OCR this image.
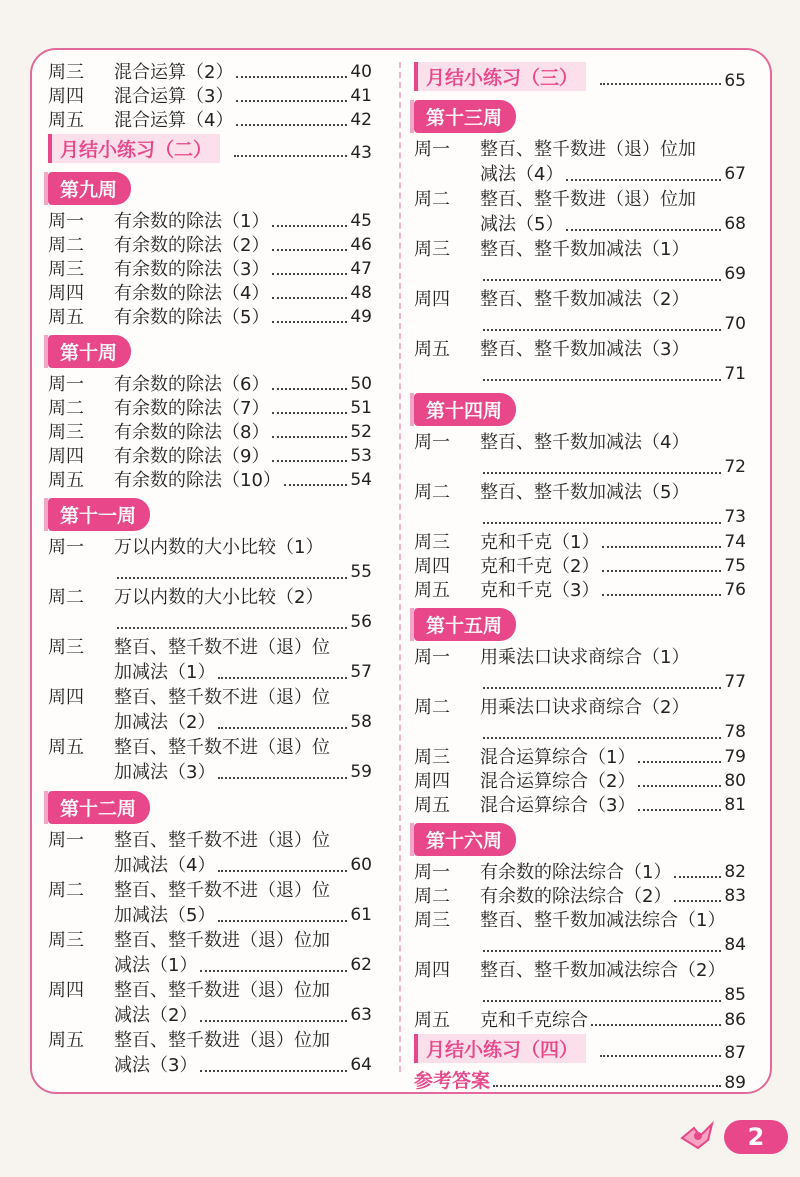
周三	混合运算（2）	40
周四	混合运算（3）	41
周五	混合运算（4）	42
月结小练习（二）	43
第九周
周一	有余数的除法（1）	45
周二	有余数的除法（2）	46
周三	有余数的除法（3）	47
周四	有余数的除法（4）	48
周五	有余数的除法（5）	49
第十周
周一	有余数的除法（6）	50
周二	有余数的除法（7）	51
周三	有余数的除法（8）	52
周四	有余数的除法（9）	53
周五	有余数的除法（10）	54
第十一周
周一	万以内数的大小比较（1）
55
周二	万以内数的大小比较（2）
56
周三	整百、整千数不进（退）位
加减法（1）	57
周四	整百、整千数不进（退）位
加减法（2）	58
周五	整百、整千数不进（退）位
加减法（3）	59
第十二周
周一	整百、整千数不进（退）位
加减法（4）	60
周二	整百、整千数不进（退）位
加减法（5）	61
周三	整百、整千数进（退）位加
减法（1）	62
周四	整百、整千数进（退）位加
减法（2）	63
周五	整百、整千数进（退）位加
减法（3）	64
月结小练习（三）	65
第十三周
周一	整百、整千数进（退）位加
减法（4）	67
周二	整百、整千数进（退）位加
减法（5）	68
周三	整百、整千数加减法（1）
69
周四	整百、整千数加减法（2）
70
周五	整百、整千数加减法（3）
71
第十四周
周一	整百、整千数加减法（4）
72
周二	整百、整千数加减法（5）
73
周三	克和千克（1）	74
周四	克和千克（2）	75
周五	克和千克（3）	76
第十五周
周一	用乘法口诀求商综合（1）
77
周二	用乘法口诀求商综合（2）
78
周三	混合运算综合（1）	79
周四	混合运算综合（2）	80
周五	混合运算综合（3）	81
第十六周
周一	有余数的除法综合（1）	82
周二	有余数的除法综合（2）	83
周三	整百、整千数加减法综合（1）
84
周四	整百、整千数加减法综合（2）
85
周五	克和千克综合	86
月结小练习（四）	87
参考答案	89
2
